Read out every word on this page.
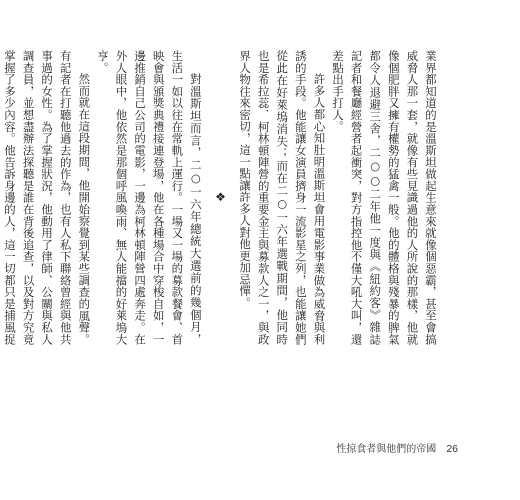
業界都知道的是溫斯坦做起生意來就像個惡霸，甚至會搞威脅人那一套，就像有些見識過他的人所說的那樣，他就像個肥胖又擁有權勢的猛禽一般。他的體格與殘暴的脾氣都令人退避三舍，二○○二年他一度與《紐約客》雜誌記者和餐廳經營者起衝突，對方指控他不僅大吼大叫，還差點出手打人。

許多人都心知肚明溫斯坦會用電影事業做為威脅與利誘的手段。他能讓女演員擠身一流影星之列，也能讓她們從此在好萊塢消失；而在二○一六年選戰期間，他同時也是希拉蕊．柯林頓陣營的重要金主與募款人之一，與政界人物往來密切，這一點讓許多人對他更加忌憚。

❖

對溫斯坦而言，二○一六年總統大選前的幾個月，生活一如以往在常軌上運行。一場又一場的募款餐會、首映會與頒獎典禮接連登場，他在各種場合中穿梭自如，一邊推銷自己公司的電影，一邊為柯林頓陣營四處奔走。在外人眼中，他依然是那個呼風喚雨、無人能擋的好萊塢大亨。

然而就在這段期間，他開始察覺到某些調查的風聲。有記者在打聽他過去的作為，也有人私下聯絡曾經與他共事過的女性。為了掌握狀況，他動用了律師、公關與私人調查員，並想盡辦法探聽是誰在背後追查，以及對方究竟掌握了多少內容。他告訴身邊的人，這一切都只是捕風捉

性掠食者與他們的帝國 26
